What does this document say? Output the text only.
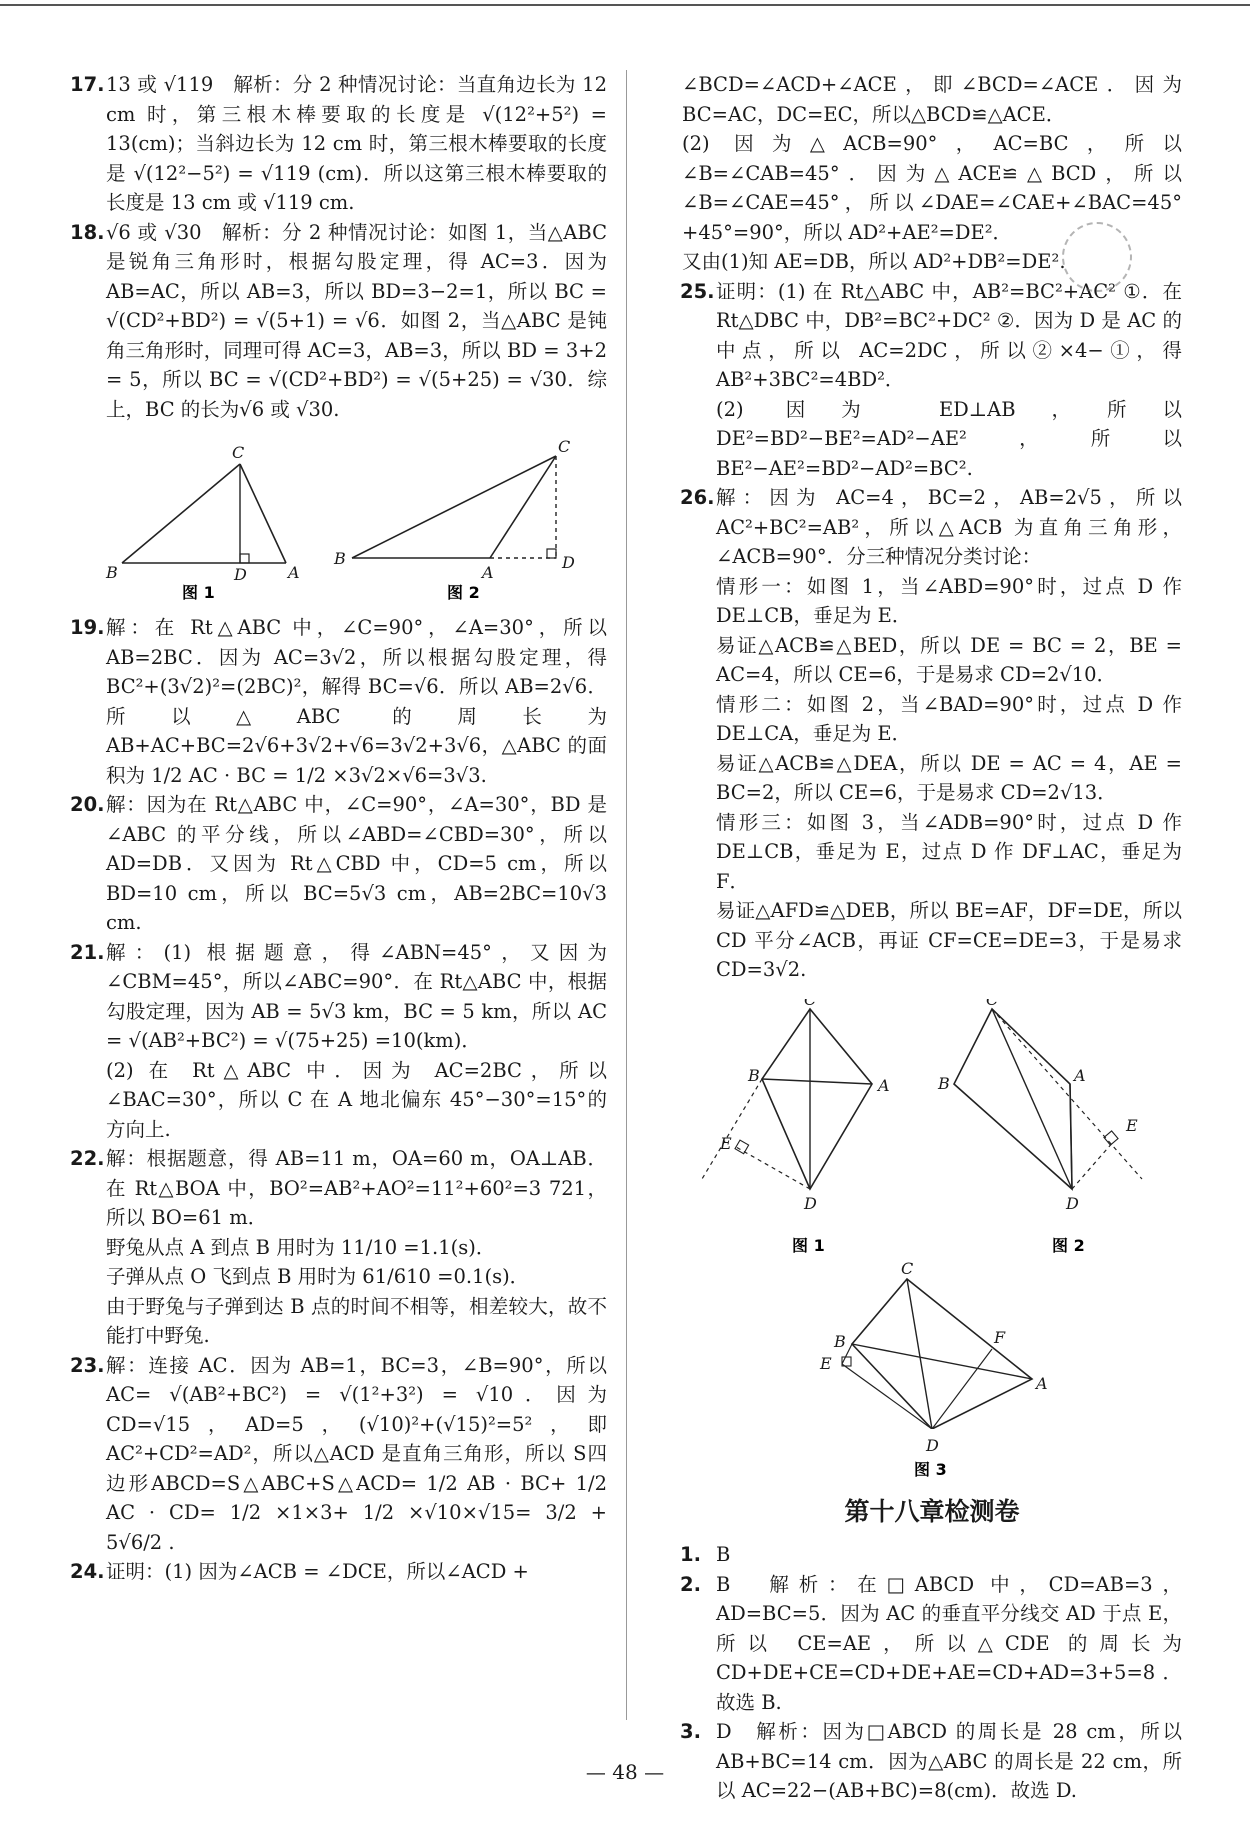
17. 13 或 √119　解析：分 2 种情况讨论：当直角边长为 12 cm 时，第三根木棒要取的长度是 √(12²+5²) = 13(cm)；当斜边长为 12 cm 时，第三根木棒要取的长度是 √(12²−5²) = √119 (cm)．所以这第三根木棒要取的长度是 13 cm 或 √119 cm.
18. √6 或 √30　解析：分 2 种情况讨论：如图 1，当△ABC 是锐角三角形时，根据勾股定理，得 AC=3．因为 AB=AC，所以 AB=3，所以 BD=3−2=1，所以 BC = √(CD²+BD²) = √(5+1) = √6．如图 2，当△ABC 是钝角三角形时，同理可得 AC=3，AB=3，所以 BD = 3+2 = 5，所以 BC = √(CD²+BD²) = √(5+25) = √30．综上，BC 的长为√6 或 √30.
C
B	D	A
C
B
A
D
图 1	图 2
19. 解：在 Rt△ABC 中，∠C=90°，∠A=30°，所以AB=2BC．因为 AC=3√2，所以根据勾股定理，得 BC²+(3√2)²=(2BC)²，解得 BC=√6．所以 AB=2√6．所以△ABC 的周长为 AB+AC+BC=2√6+3√2+√6=3√2+3√6，△ABC 的面积为 1/2 AC · BC = 1/2 ×3√2×√6=3√3.
20. 解：因为在 Rt△ABC 中，∠C=90°，∠A=30°，BD 是∠ABC 的平分线，所以∠ABD=∠CBD=30°，所以 AD=DB．又因为 Rt△CBD 中，CD=5 cm，所以 BD=10 cm，所以 BC=5√3 cm，AB=2BC=10√3 cm.
21. 解：(1) 根据题意，得∠ABN=45°，又因为∠CBM=45°，所以∠ABC=90°．在 Rt△ABC 中，根据勾股定理，因为 AB = 5√3 km，BC = 5 km，所以 AC = √(AB²+BC²) = √(75+25) =10(km)．
(2) 在 Rt△ABC 中．因为 AC=2BC，所以∠BAC=30°，所以 C 在 A 地北偏东 45°−30°=15°的方向上.
22. 解：根据题意，得 AB=11 m，OA=60 m，OA⊥AB．在 Rt△BOA 中，BO²=AB²+AO²=11²+60²=3 721，所以 BO=61 m．
野兔从点 A 到点 B 用时为 11/10 =1.1(s)．
子弹从点 O 飞到点 B 用时为 61/610 =0.1(s)．
由于野兔与子弹到达 B 点的时间不相等，相差较大，故不能打中野兔.
23. 解：连接 AC．因为 AB=1，BC=3，∠B=90°，所以 AC= √(AB²+BC²) = √(1²+3²) = √10．因为 CD=√15，AD=5，(√10)²+(√15)²=5²，即 AC²+CD²=AD²，所以△ACD 是直角三角形，所以 S四边形ABCD=S△ABC+S△ACD= 1/2 AB · BC+ 1/2 AC · CD= 1/2 ×1×3+ 1/2 ×√10×√15= 3/2 + 5√6/2 .
24. 证明：(1) 因为∠ACB = ∠DCE，所以∠ACD +
∠BCD=∠ACD+∠ACE，即∠BCD=∠ACE．因为 BC=AC，DC=EC，所以△BCD≌△ACE．
(2) 因为△ACB=90°，AC=BC，所以∠B=∠CAB=45°．因为△ACE≌△BCD，所以∠B=∠CAE=45°，所以∠DAE=∠CAE+∠BAC=45°+45°=90°，所以 AD²+AE²=DE²．
又由(1)知 AE=DB，所以 AD²+DB²=DE².
25. 证明：(1) 在 Rt△ABC 中，AB²=BC²+AC² ①．在 Rt△DBC 中，DB²=BC²+DC² ②．因为 D 是 AC 的中点，所以 AC=2DC，所以②×4−①，得 AB²+3BC²=4BD²．
(2) 因为 ED⊥AB，所以 DE²=BD²−BE²=AD²−AE²，所以 BE²−AE²=BD²−AD²=BC².
26. 解：因为 AC=4，BC=2，AB=2√5，所以 AC²+BC²=AB²，所以△ACB 为直角三角形，∠ACB=90°．分三种情况分类讨论：
情形一：如图 1，当∠ABD=90°时，过点 D 作 DE⊥CB，垂足为 E．
易证△ACB≌△BED，所以 DE = BC = 2，BE = AC=4，所以 CE=6，于是易求 CD=2√10．
情形二：如图 2，当∠BAD=90°时，过点 D 作 DE⊥CA，垂足为 E．
易证△ACB≌△DEA，所以 DE = AC = 4，AE = BC=2，所以 CE=6，于是易求 CD=2√13．
情形三：如图 3，当∠ADB=90°时，过点 D 作 DE⊥CB，垂足为 E，过点 D 作 DF⊥AC，垂足为 F．
易证△AFD≌△DEB，所以 BE=AF，DF=DE，所以 CD 平分∠ACB，再证 CF=CE=DE=3，于是易求 CD=3√2.
C
B
A
D
E
C
B	A
D
E
图 1	图 2
C
B
A
F
E
D
图 3
第十八章检测卷
1. B
2. B　解析：在□ABCD 中，CD=AB=3，AD=BC=5．因为 AC 的垂直平分线交 AD 于点 E，所以 CE=AE，所以△CDE 的周长为 CD+DE+CE=CD+DE+AE=CD+AD=3+5=8．故选 B.
3. D　解析：因为□ABCD 的周长是 28 cm，所以 AB+BC=14 cm．因为△ABC 的周长是 22 cm，所以 AC=22−(AB+BC)=8(cm)．故选 D.
— 48 —
